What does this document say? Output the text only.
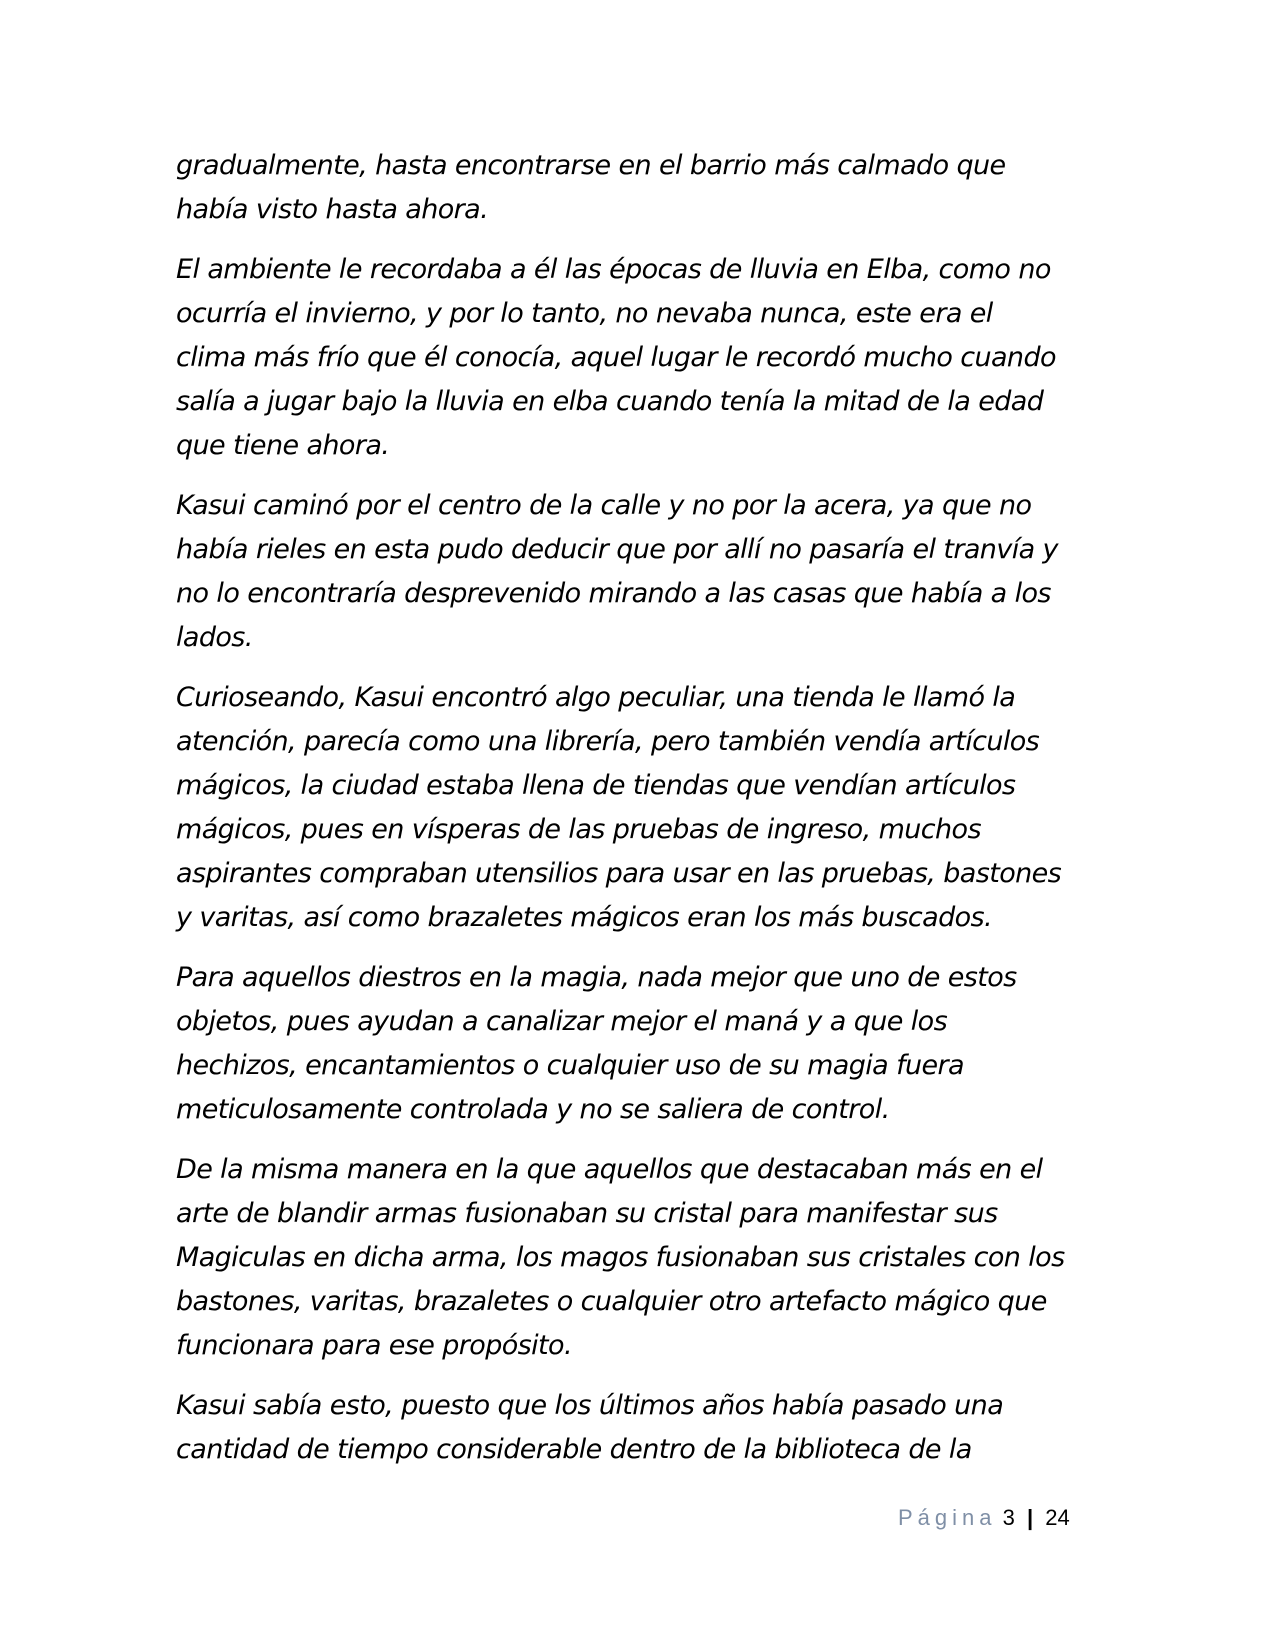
gradualmente, hasta encontrarse en el barrio más calmado que
había visto hasta ahora.

El ambiente le recordaba a él las épocas de lluvia en Elba, como no
ocurría el invierno, y por lo tanto, no nevaba nunca, este era el
clima más frío que él conocía, aquel lugar le recordó mucho cuando
salía a jugar bajo la lluvia en elba cuando tenía la mitad de la edad
que tiene ahora.

Kasui caminó por el centro de la calle y no por la acera, ya que no
había rieles en esta pudo deducir que por allí no pasaría el tranvía y
no lo encontraría desprevenido mirando a las casas que había a los
lados.

Curioseando, Kasui encontró algo peculiar, una tienda le llamó la
atención, parecía como una librería, pero también vendía artículos
mágicos, la ciudad estaba llena de tiendas que vendían artículos
mágicos, pues en vísperas de las pruebas de ingreso, muchos
aspirantes compraban utensilios para usar en las pruebas, bastones
y varitas, así como brazaletes mágicos eran los más buscados.

Para aquellos diestros en la magia, nada mejor que uno de estos
objetos, pues ayudan a canalizar mejor el maná y a que los
hechizos, encantamientos o cualquier uso de su magia fuera
meticulosamente controlada y no se saliera de control.

De la misma manera en la que aquellos que destacaban más en el
arte de blandir armas fusionaban su cristal para manifestar sus
Magiculas en dicha arma, los magos fusionaban sus cristales con los
bastones, varitas, brazaletes o cualquier otro artefacto mágico que
funcionara para ese propósito.

Kasui sabía esto, puesto que los últimos años había pasado una
cantidad de tiempo considerable dentro de la biblioteca de la

Página 3 | 24
